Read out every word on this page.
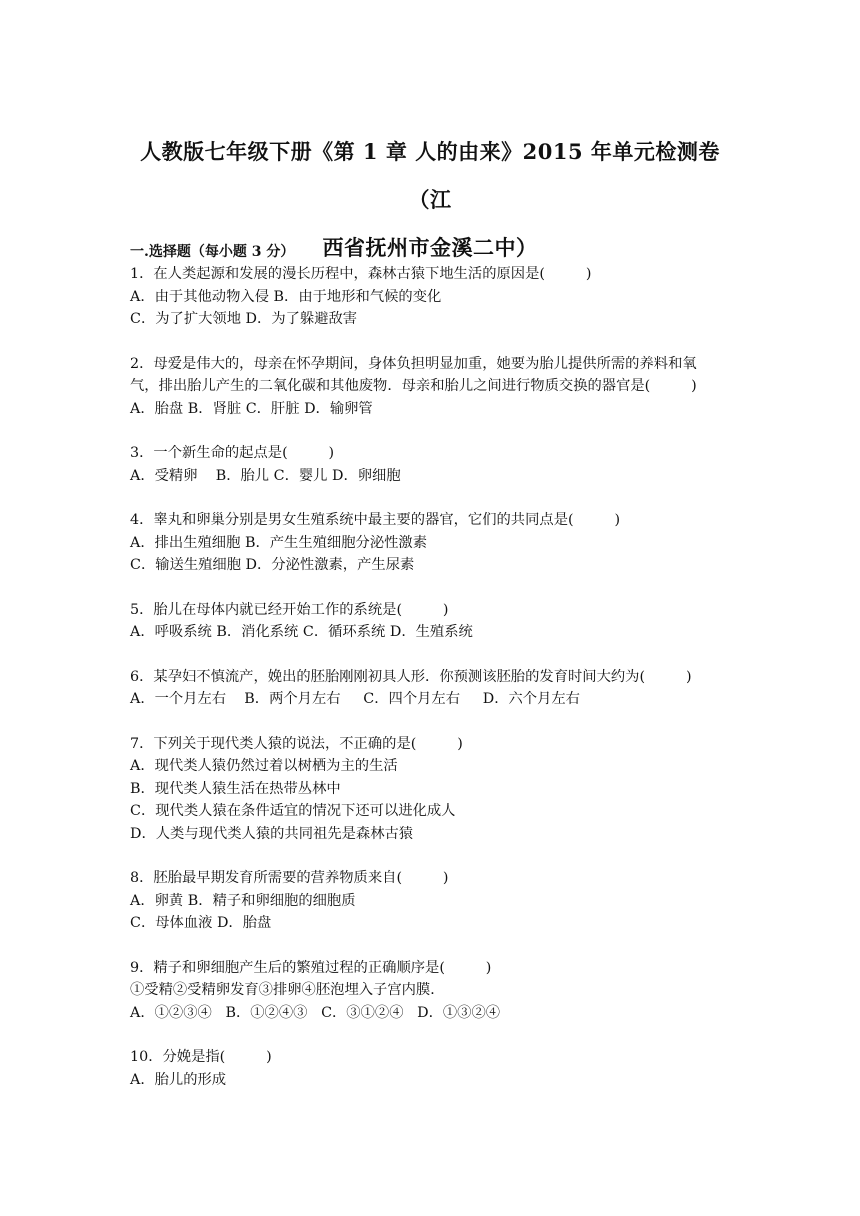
人教版七年级下册《第 1 章 人的由来》2015 年单元检测卷（江
西省抚州市金溪二中）
一.选择题（每小题 3 分）
1．在人类起源和发展的漫长历程中，森林古猿下地生活的原因是(         )
A．由于其他动物入侵 B．由于地形和气候的变化
C．为了扩大领地 D．为了躲避敌害
2．母爱是伟大的，母亲在怀孕期间，身体负担明显加重，她要为胎儿提供所需的养料和氧
气，排出胎儿产生的二氧化碳和其他废物．母亲和胎儿之间进行物质交换的器官是(         )
A．胎盘 B．肾脏 C．肝脏 D．输卵管
3．一个新生命的起点是(         )
A．受精卵    B．胎儿 C．婴儿 D．卵细胞
4．睾丸和卵巢分别是男女生殖系统中最主要的器官，它们的共同点是(         )
A．排出生殖细胞 B．产生生殖细胞分泌性激素
C．输送生殖细胞 D．分泌性激素，产生尿素
5．胎儿在母体内就已经开始工作的系统是(         )
A．呼吸系统 B．消化系统 C．循环系统 D．生殖系统
6．某孕妇不慎流产，娩出的胚胎刚刚初具人形．你预测该胚胎的发育时间大约为(         )
A．一个月左右    B．两个月左右     C．四个月左右     D．六个月左右
7．下列关于现代类人猿的说法，不正确的是(         )
A．现代类人猿仍然过着以树栖为主的生活
B．现代类人猿生活在热带丛林中
C．现代类人猿在条件适宜的情况下还可以进化成人
D．人类与现代类人猿的共同祖先是森林古猿
8．胚胎最早期发育所需要的营养物质来自(         )
A．卵黄 B．精子和卵细胞的细胞质
C．母体血液 D．胎盘
9．精子和卵细胞产生后的繁殖过程的正确顺序是(         )
①受精②受精卵发育③排卵④胚泡埋入子宫内膜．
A．①②③④   B．①②④③   C．③①②④   D．①③②④
10．分娩是指(         )
A．胎儿的形成
